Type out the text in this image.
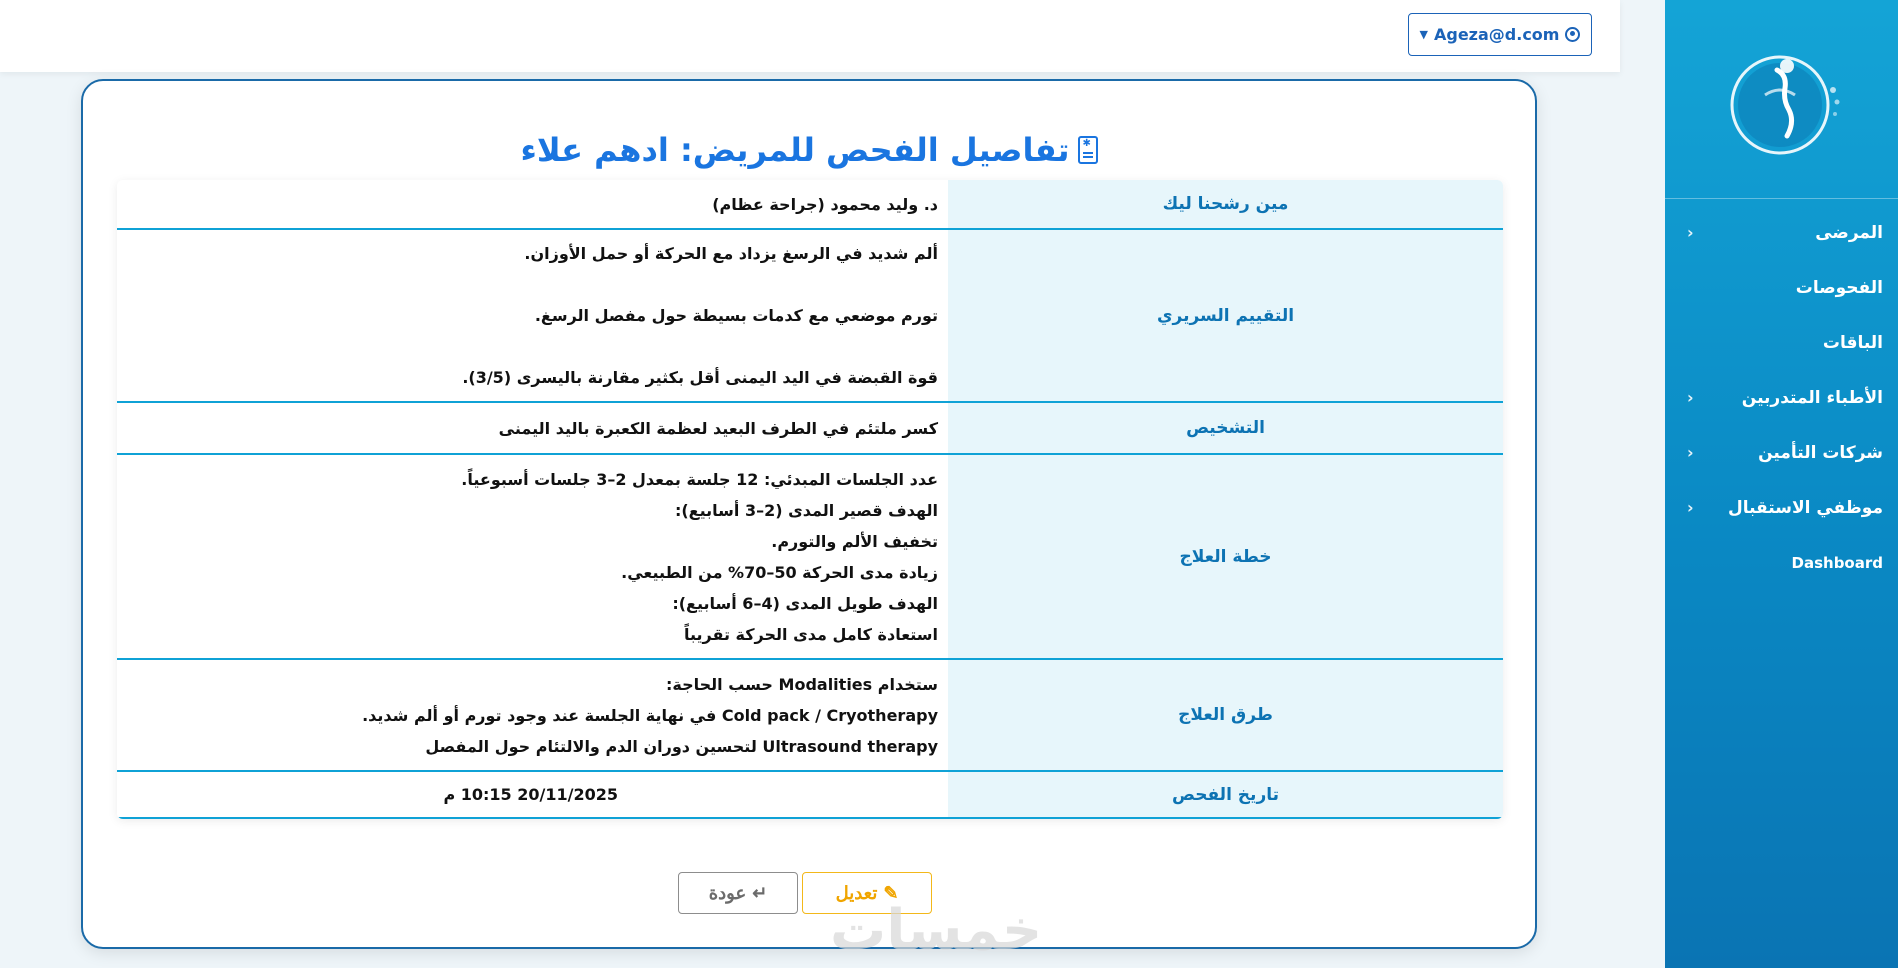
المرضى
‹
الفحوصات
الباقات
الأطباء المتدربين
‹
شركات التأمين
‹
موظفي الاستقبال
‹
Dashboard
▼ Ageza@d.com
✱تفاصيل الفحص للمريض: ادهم علاء
مين رشحنا ليك
د. وليد محمود (جراحة عظام)
التقييم السريري
ألم شديد في الرسغ يزداد مع الحركة أو حمل الأوزان.
تورم موضعي مع كدمات بسيطة حول مفصل الرسغ.
قوة القبضة في اليد اليمنى أقل بكثير مقارنة باليسرى (3/5).
التشخيص
كسر ملتئم في الطرف البعيد لعظمة الكعبرة باليد اليمنى
خطة العلاج
عدد الجلسات المبدئي: 12 جلسة بمعدل 2–3 جلسات أسبوعياً.
الهدف قصير المدى (2–3 أسابيع):
تخفيف الألم والتورم.
زيادة مدى الحركة 50–70% من الطبيعي.
الهدف طويل المدى (4–6 أسابيع):
استعادة كامل مدى الحركة تقريباً
طرق العلاج
ستخدام Modalities حسب الحاجة:
Cold pack / Cryotherapy في نهاية الجلسة عند وجود تورم أو ألم شديد.
Ultrasound therapy لتحسين دوران الدم والالتئام حول المفصل
تاريخ الفحص
20/11/2025 10:15 م
✎
تعديل
↵
عودة
خمسات
